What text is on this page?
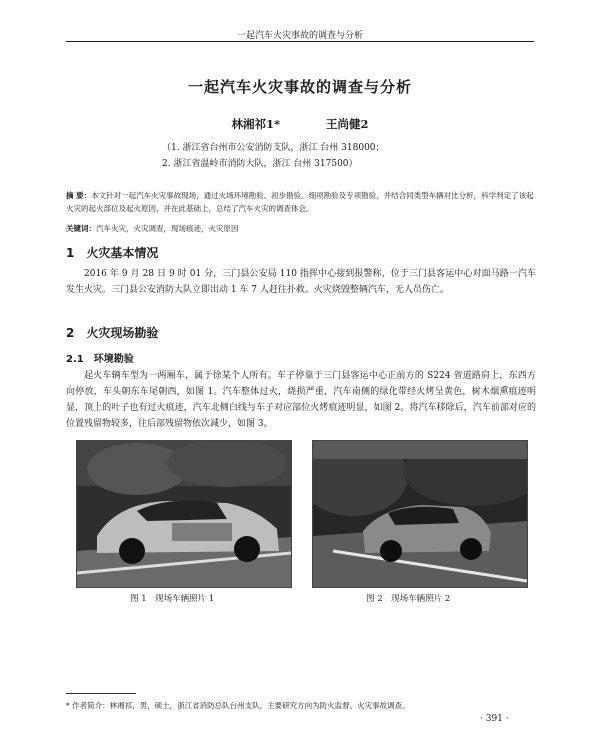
一起汽车火灾事故的调查与分析
一起汽车火灾事故的调查与分析
林湘祁1* 王尚健2
（1. 浙江省台州市公安消防支队，浙江 台州 318000；
2. 浙江省温岭市消防大队，浙江 台州 317500）
摘 要：本文针对一起汽车火灾事故现场，通过火场环境勘验、初步勘验、细项勘验及专项勘验，并结合同类型车辆对比分析，科学判定了该起火灾的起火部位及起火原因，并在此基础上，总结了汽车火灾的调查体会。
关键词：汽车火灾，火灾调查，现场痕迹，火灾原因
1　火灾基本情况
2016 年 9 月 28 日 9 时 01 分，三门县公安局 110 指挥中心接到报警称，位于三门县客运中心对面马路一汽车发生火灾。三门县公安消防大队立即出动 1 车 7 人赶往扑救。火灾烧毁整辆汽车，无人员伤亡。
2　火灾现场勘验
2.1　环境勘验
起火车辆车型为一两厢车，属于徐某个人所有。车子停靠于三门县客运中心正前方的 S224 省道路肩上，东西方向停放，车头朝东车尾朝西，如图 1。汽车整体过火，烧损严重，汽车南侧的绿化带经火烤呈黄色，树木烟熏痕迹明显，顶上的叶子也有过火痕迹，汽车北侧白线与车子对应部位火烤痕迹明显，如图 2。将汽车移除后，汽车前部对应的位置残留物较多，往后部残留物依次减少，如图 3。
图 1　现场车辆照片 1	图 2　现场车辆照片 2
* 作者简介：林湘祁，男，硕士，浙江省消防总队台州支队，主要研究方向为防火监督、火灾事故调查。
· 391 ·
